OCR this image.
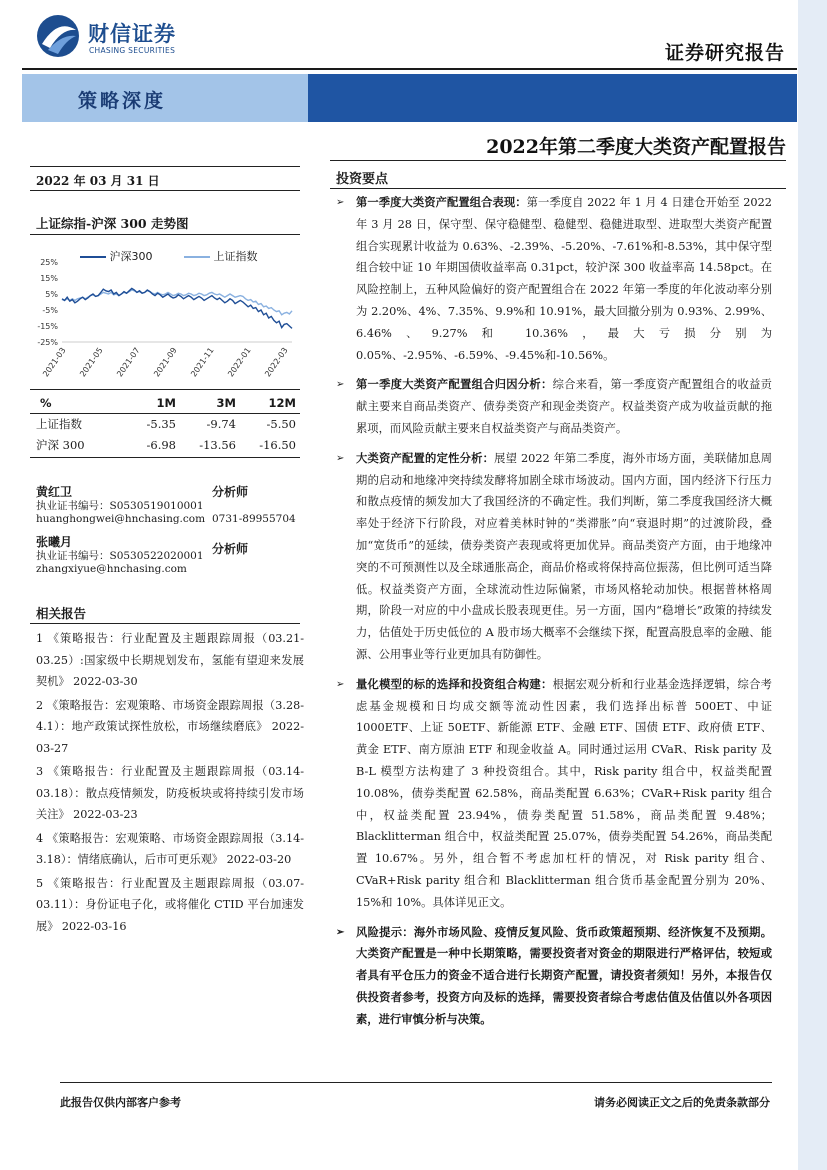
财信证券
CHASING SECURITIES	证券研究报告
策略深度
2022年第二季度大类资产配置报告
2022 年 03 月 31 日	投资要点
上证综指-沪深 300 走势图
沪深300	上证指数
25%
15%
5%
-5%
-15%
-25%
2021-03 2021-05 2021-07 2021-09 2021-11 2022-01 2022-03
%	1M	3M	12M
上证指数	-5.35	-9.74	-5.50
沪深 300	-6.98	-13.56	-16.50
黄红卫
执业证书编号：S0530519010001
huanghongwei@hnchasing.com
分析师

0731-89955704
张曦月
执业证书编号：S0530522020001
zhangxiyue@hnchasing.com
分析师
相关报告
1 《策略报告：行业配置及主题跟踪周报（03.21-03.25）:国家级中长期规划发布，氢能有望迎来发展契机》 2022-03-30
2 《策略报告：宏观策略、市场资金跟踪周报（3.28-4.1）：地产政策试探性放松，市场继续磨底》 2022-03-27
3 《策略报告：行业配置及主题跟踪周报（03.14-03.18）：散点疫情频发，防疫板块或将持续引发市场关注》 2022-03-23
4 《策略报告：宏观策略、市场资金跟踪周报（3.14-3.18）：情绪底确认，后市可更乐观》 2022-03-20
5 《策略报告：行业配置及主题跟踪周报（03.07-03.11）：身份证电子化，或将催化 CTID 平台加速发展》 2022-03-16
➢ 第一季度大类资产配置组合表现：第一季度自 2022 年 1 月 4 日建仓开始至 2022 年 3 月 28 日，保守型、保守稳健型、稳健型、稳健进取型、进取型大类资产配置组合实现累计收益为 0.63%、-2.39%、-5.20%、-7.61%和-8.53%，其中保守型组合较中证 10 年期国债收益率高 0.31pct，较沪深 300 收益率高 14.58pct。在风险控制上，五种风险偏好的资产配置组合在 2022 年第一季度的年化波动率分别为 2.20%、4%、7.35%、9.9%和 10.91%，最大回撤分别为 0.93%、2.99%、6.46%、9.27%和 10.36%，最大亏损分别为 0.05%、-2.95%、-6.59%、-9.45%和-10.56%。
➢ 第一季度大类资产配置组合归因分析：综合来看，第一季度资产配置组合的收益贡献主要来自商品类资产、债券类资产和现金类资产。权益类资产成为收益贡献的拖累项，而风险贡献主要来自权益类资产与商品类资产。
➢ 大类资产配置的定性分析：展望 2022 年第二季度，海外市场方面，美联储加息周期的启动和地缘冲突持续发酵将加剧全球市场波动。国内方面，国内经济下行压力和散点疫情的频发加大了我国经济的不确定性。我们判断，第二季度我国经济大概率处于经济下行阶段，对应着美林时钟的“类滞胀”向“衰退时期”的过渡阶段，叠加“宽货币”的延续，债券类资产表现或将更加优异。商品类资产方面，由于地缘冲突的不可预测性以及全球通胀高企，商品价格或将保持高位振荡，但比例可适当降低。权益类资产方面，全球流动性边际偏紧，市场风格轮动加快。根据普林格周期，阶段一对应的中小盘成长股表现更佳。另一方面，国内“稳增长”政策的持续发力，估值处于历史低位的 A 股市场大概率不会继续下探，配置高股息率的金融、能源、公用事业等行业更加具有防御性。
➢ 量化模型的标的选择和投资组合构建：根据宏观分析和行业基金选择逻辑，综合考虑基金规模和日均成交额等流动性因素，我们选择出标普 500ET、中证 1000ETF、上证 50ETF、新能源 ETF、金融 ETF、国债 ETF、政府债 ETF、黄金 ETF、南方原油 ETF 和现金收益 A。同时通过运用 CVaR、Risk parity 及 B-L 模型方法构建了 3 种投资组合。其中，Risk parity 组合中，权益类配置 10.08%，债券类配置 62.58%，商品类配置 6.63%；CVaR+Risk parity 组合中，权益类配置 23.94%，债券类配置 51.58%，商品类配置 9.48%；Blacklitterman 组合中，权益类配置 25.07%，债券类配置 54.26%，商品类配置 10.67%。另外，组合暂不考虑加杠杆的情况，对 Risk parity 组合、CVaR+Risk parity 组合和 Blacklitterman 组合货币基金配置分别为 20%、15%和 10%。具体详见正文。
➢ 风险提示：海外市场风险、疫情反复风险、货币政策超预期、经济恢复不及预期。大类资产配置是一种中长期策略，需要投资者对资金的期限进行严格评估，较短或者具有平仓压力的资金不适合进行长期资产配置，请投资者须知！另外，本报告仅供投资者参考，投资方向及标的选择，需要投资者综合考虑估值及估值以外各项因素，进行审慎分析与决策。
此报告仅供内部客户参考	请务必阅读正文之后的免责条款部分
